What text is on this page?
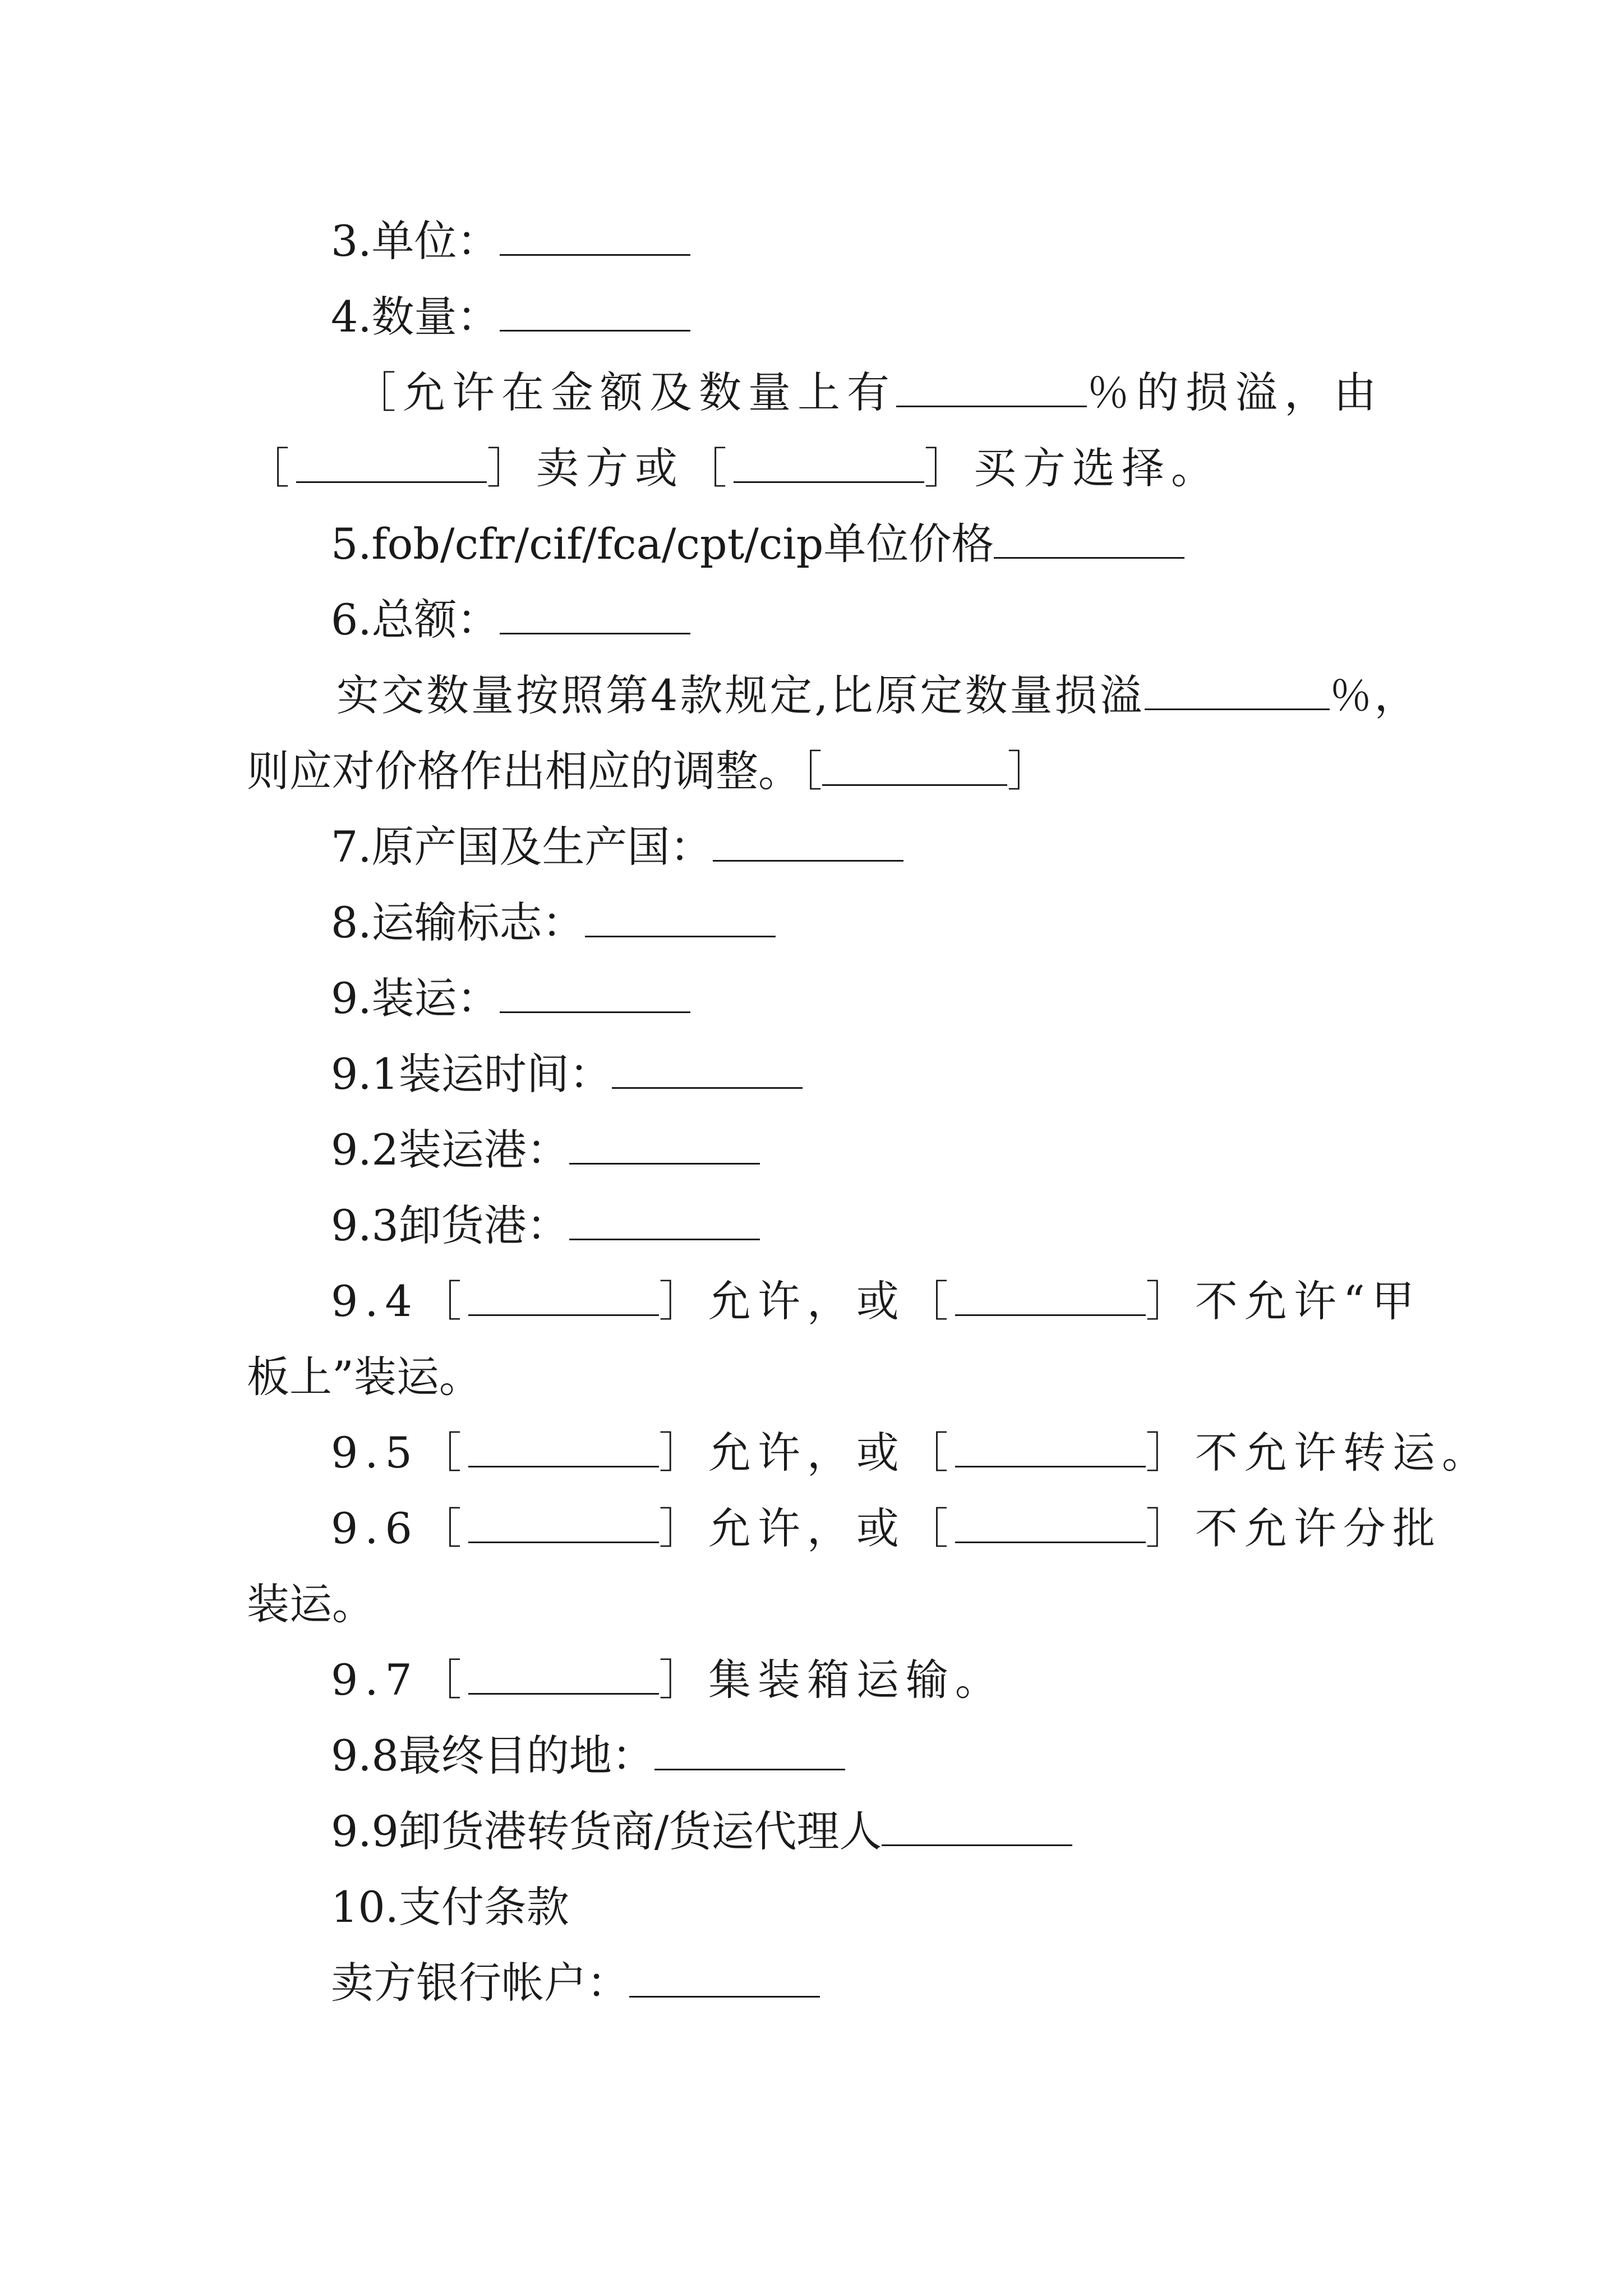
3.单位：
4.数量：
［允许在金额及数量上有	％的损溢，由
［	］卖方或［	］买方选择。
5.fob/cfr/cif/fca/cpt/cip单位价格
6.总额：
实交数量按照第4款规定,比原定数量损溢	％，
则应对价格作出相应的调整。［	］
7.原产国及生产国：
8.运输标志：
9.装运：
9.1装运时间：
9.2装运港：
9.3卸货港：
9.4［	］允许，或［	］不允许“甲
板上”装运。
9.5［	］允许，或［	］不允许转运。
9.6［	］允许，或［	］不允许分批
装运。
9.7［	］集装箱运输。
9.8最终目的地：
9.9卸货港转货商/货运代理人
10.支付条款
卖方银行帐户：
